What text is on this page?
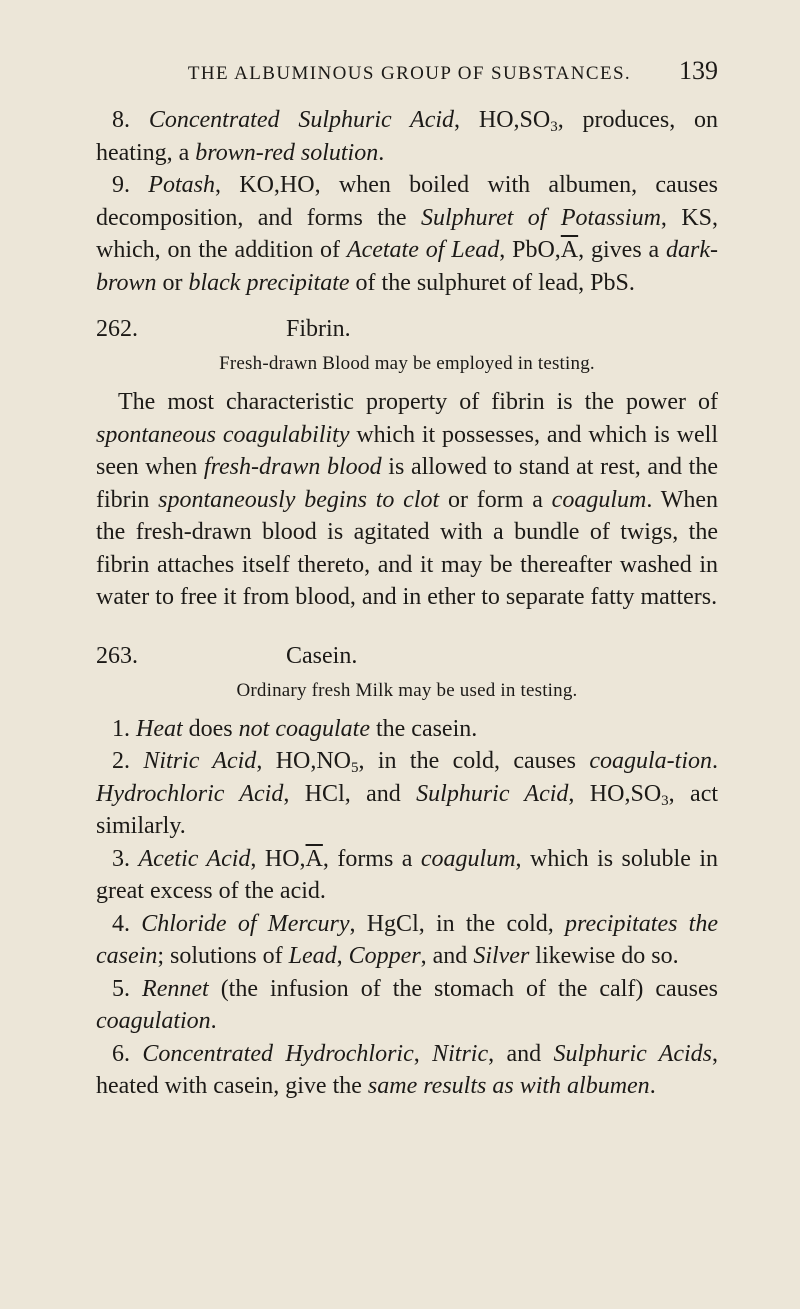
THE ALBUMINOUS GROUP OF SUBSTANCES.	139

8. Concentrated Sulphuric Acid, $HO,SO_3$, produces, on heating, a brown-red solution.

9. Potash, KO,HO, when boiled with albumen, causes decomposition, and forms the Sulphuret of Potassium, KS, which, on the addition of Acetate of Lead, $PbO,\overline{A}$, gives a dark-brown or black precipitate of the sulphuret of lead, PbS.

262.	Fibrin.
Fresh-drawn Blood may be employed in testing.

The most characteristic property of fibrin is the power of spontaneous coagulability which it possesses, and which is well seen when fresh-drawn blood is allowed to stand at rest, and the fibrin spontaneously begins to clot or form a coagulum. When the fresh-drawn blood is agitated with a bundle of twigs, the fibrin attaches itself thereto, and it may be thereafter washed in water to free it from blood, and in ether to separate fatty matters.

263.	Casein.
Ordinary fresh Milk may be used in testing.

1. Heat does not coagulate the casein.

2. Nitric Acid, $HO,NO_5$, in the cold, causes coagula-tion. Hydrochloric Acid, HCl, and Sulphuric Acid, $HO,SO_3$, act similarly.

3. Acetic Acid, $HO,\overline{A}$, forms a coagulum, which is soluble in great excess of the acid.

4. Chloride of Mercury, HgCl, in the cold, precipitates the casein; solutions of Lead, Copper, and Silver likewise do so.

5. Rennet (the infusion of the stomach of the calf) causes coagulation.

6. Concentrated Hydrochloric, Nitric, and Sulphuric Acids, heated with casein, give the same results as with albumen.
